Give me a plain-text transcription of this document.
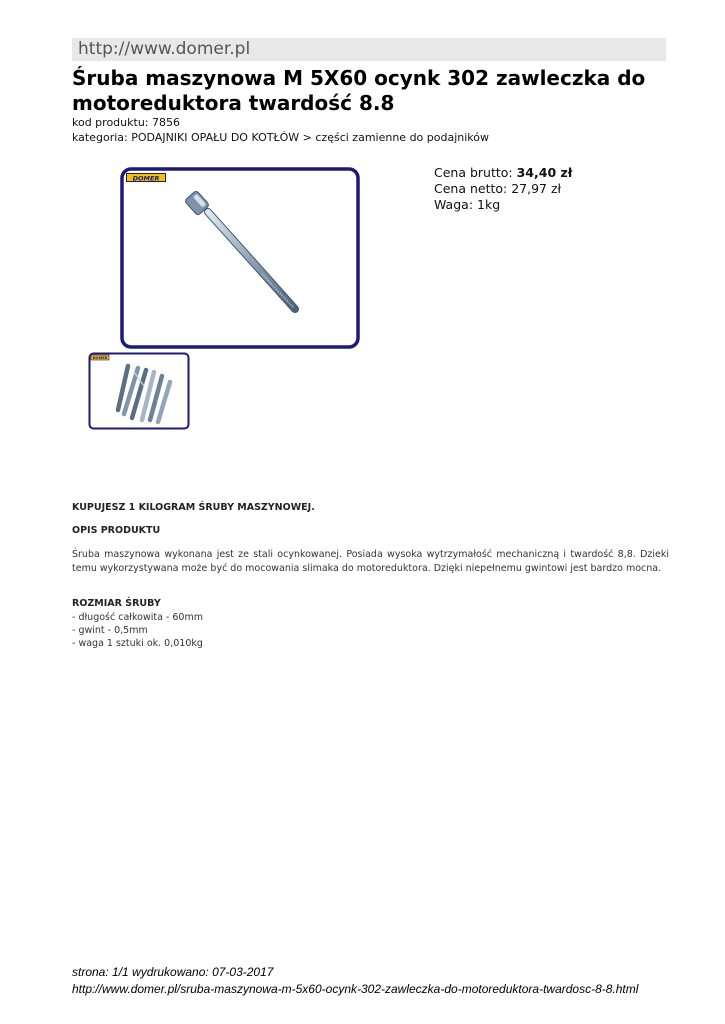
http://www.domer.pl
Śruba maszynowa M 5X60 ocynk 302 zawleczka do motoreduktora twardość 8.8
kod produktu: 7856
kategoria: PODAJNIKI OPAŁU DO KOTŁÓW > części zamienne do podajników
DOMER
DOMER
Cena brutto: 34,40 zł
Cena netto: 27,97 zł
Waga: 1kg
KUPUJESZ 1 KILOGRAM ŚRUBY MASZYNOWEJ.
OPIS PRODUKTU
Śruba maszynowa wykonana jest ze stali ocynkowanej. Posiada wysoka wytrzymałość mechaniczną i twardość 8,8. Dzieki temu wykorzystywana może być do mocowania slimaka do motoreduktora. Dzięki niepełnemu gwintowi jest bardzo mocna.
ROZMIAR ŚRUBY
- długość całkowita - 60mm
- gwint - 0,5mm
- waga 1 sztuki ok. 0,010kg
strona: 1/1 wydrukowano: 07-03-2017
http://www.domer.pl/sruba-maszynowa-m-5x60-ocynk-302-zawleczka-do-motoreduktora-twardosc-8-8.html
